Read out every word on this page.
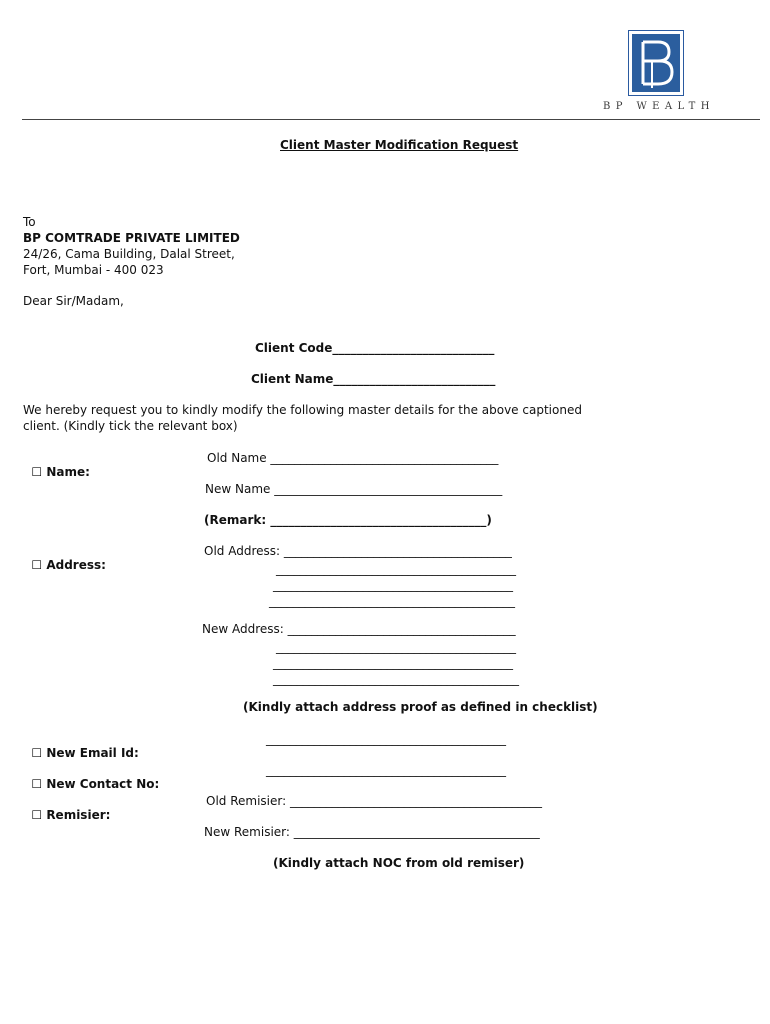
BP WEALTH
Client Master Modification Request
To
BP COMTRADE PRIVATE LIMITED
24/26, Cama Building, Dalal Street,
Fort, Mumbai - 400 023
Dear Sir/Madam,
Client Code___________________________
Client Name___________________________
We hereby request you to kindly modify the following master details for the above captioned
client. (Kindly tick the relevant box)

☐ Name:

Old Name ______________________________________
New Name ______________________________________
(Remark: ____________________________________)

☐ Address:

Old Address: ______________________________________
________________________________________
________________________________________
_________________________________________
New Address: ______________________________________
________________________________________
________________________________________
_________________________________________
(Kindly attach address proof as defined in checklist)

☐ New Email Id:

________________________________________

☐ New Contact No:

________________________________________

☐ Remisier:

Old Remisier: __________________________________________
New Remisier: _________________________________________
(Kindly attach NOC from old remiser)
